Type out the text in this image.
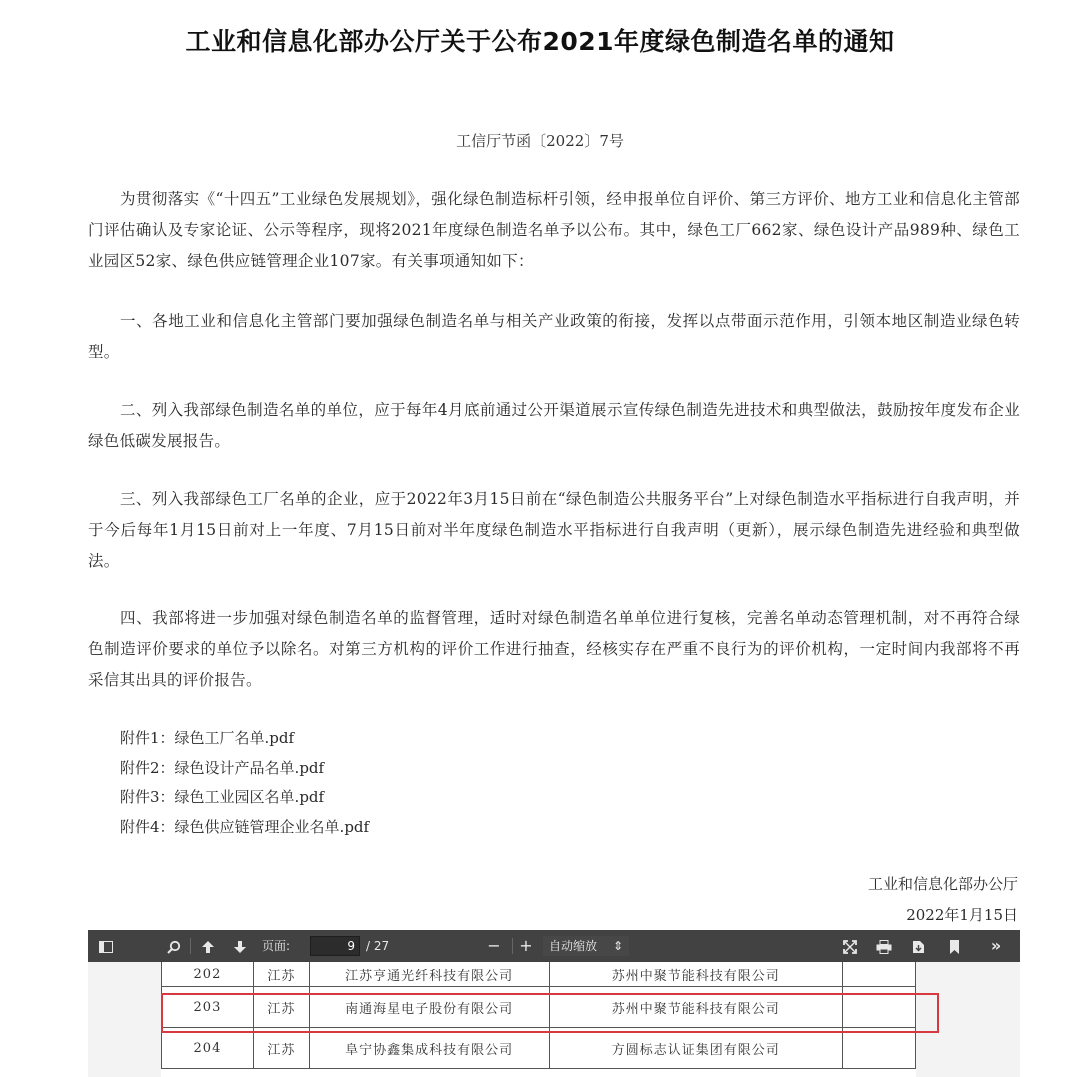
工业和信息化部办公厅关于公布2021年度绿色制造名单的通知
工信厅节函〔2022〕7号

为贯彻落实《“十四五”工业绿色发展规划》，强化绿色制造标杆引领，经申报单位自评价、第三方评价、地方工业和信息化主管部门评估确认及专家论证、公示等程序，现将2021年度绿色制造名单予以公布。其中，绿色工厂662家、绿色设计产品989种、绿色工业园区52家、绿色供应链管理企业107家。有关事项通知如下：

一、各地工业和信息化主管部门要加强绿色制造名单与相关产业政策的衔接，发挥以点带面示范作用，引领本地区制造业绿色转型。

二、列入我部绿色制造名单的单位，应于每年4月底前通过公开渠道展示宣传绿色制造先进技术和典型做法，鼓励按年度发布企业绿色低碳发展报告。

三、列入我部绿色工厂名单的企业，应于2022年3月15日前在“绿色制造公共服务平台”上对绿色制造水平指标进行自我声明，并于今后每年1月15日前对上一年度、7月15日前对半年度绿色制造水平指标进行自我声明（更新），展示绿色制造先进经验和典型做法。

四、我部将进一步加强对绿色制造名单的监督管理，适时对绿色制造名单单位进行复核，完善名单动态管理机制，对不再符合绿色制造评价要求的单位予以除名。对第三方机构的评价工作进行抽查，经核实存在严重不良行为的评价机构，一定时间内我部将不再采信其出具的评价报告。

附件1：绿色工厂名单.pdf
附件2：绿色设计产品名单.pdf
附件3：绿色工业园区名单.pdf
附件4：绿色供应链管理企业名单.pdf
工业和信息化部办公厅
2022年1月15日
页面:	9 / 27	−	+	自动缩放 ⇕	»
202	江苏	江苏亨通光纤科技有限公司	苏州中聚节能科技有限公司	
203	江苏	南通海星电子股份有限公司	苏州中聚节能科技有限公司	
204	江苏	阜宁协鑫集成科技有限公司	方圆标志认证集团有限公司	
